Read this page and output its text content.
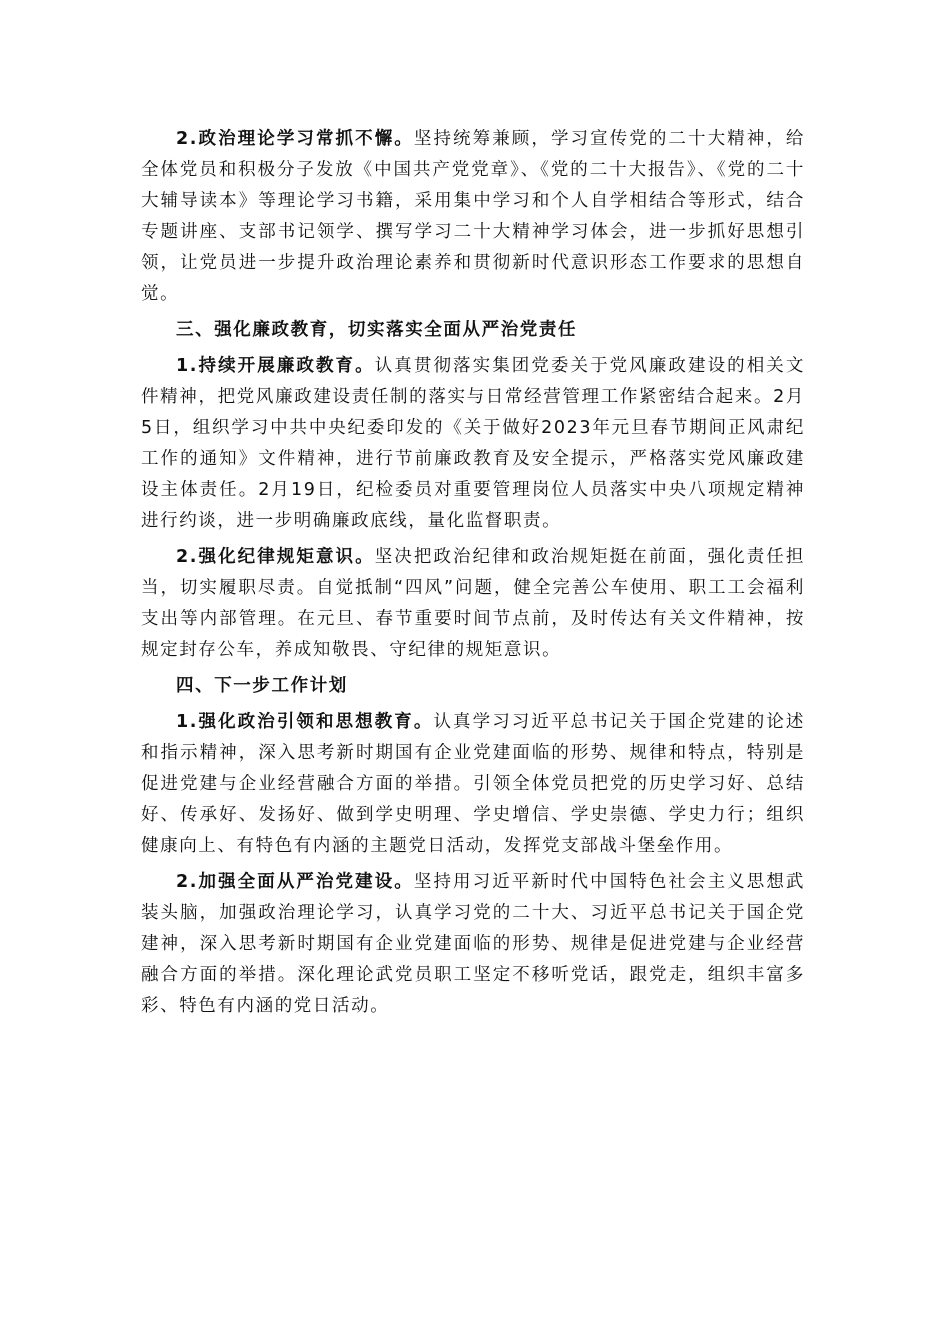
2.政治理论学习常抓不懈。坚持统筹兼顾，学习宣传党的二十大精神，给全体党员和积极分子发放《中国共产党党章》、《党的二十大报告》、《党的二十大辅导读本》等理论学习书籍，采用集中学习和个人自学相结合等形式，结合专题讲座、支部书记领学、撰写学习二十大精神学习体会，进一步抓好思想引领，让党员进一步提升政治理论素养和贯彻新时代意识形态工作要求的思想自觉。

三、强化廉政教育，切实落实全面从严治党责任

1.持续开展廉政教育。认真贯彻落实集团党委关于党风廉政建设的相关文件精神，把党风廉政建设责任制的落实与日常经营管理工作紧密结合起来。2月5日，组织学习中共中央纪委印发的《关于做好2023年元旦春节期间正风肃纪工作的通知》文件精神，进行节前廉政教育及安全提示，严格落实党风廉政建设主体责任。2月19日，纪检委员对重要管理岗位人员落实中央八项规定精神进行约谈，进一步明确廉政底线，量化监督职责。

2.强化纪律规矩意识。坚决把政治纪律和政治规矩挺在前面，强化责任担当，切实履职尽责。自觉抵制“四风”问题，健全完善公车使用、职工工会福利支出等内部管理。在元旦、春节重要时间节点前，及时传达有关文件精神，按规定封存公车，养成知敬畏、守纪律的规矩意识。

四、下一步工作计划

1.强化政治引领和思想教育。认真学习习近平总书记关于国企党建的论述和指示精神，深入思考新时期国有企业党建面临的形势、规律和特点，特别是促进党建与企业经营融合方面的举措。引领全体党员把党的历史学习好、总结好、传承好、发扬好、做到学史明理、学史增信、学史崇德、学史力行；组织健康向上、有特色有内涵的主题党日活动，发挥党支部战斗堡垒作用。

2.加强全面从严治党建设。坚持用习近平新时代中国特色社会主义思想武装头脑，加强政治理论学习，认真学习党的二十大、习近平总书记关于国企党建神，深入思考新时期国有企业党建面临的形势、规律是促进党建与企业经营融合方面的举措。深化理论武党员职工坚定不移听党话，跟党走，组织丰富多彩、特色有内涵的党日活动。
